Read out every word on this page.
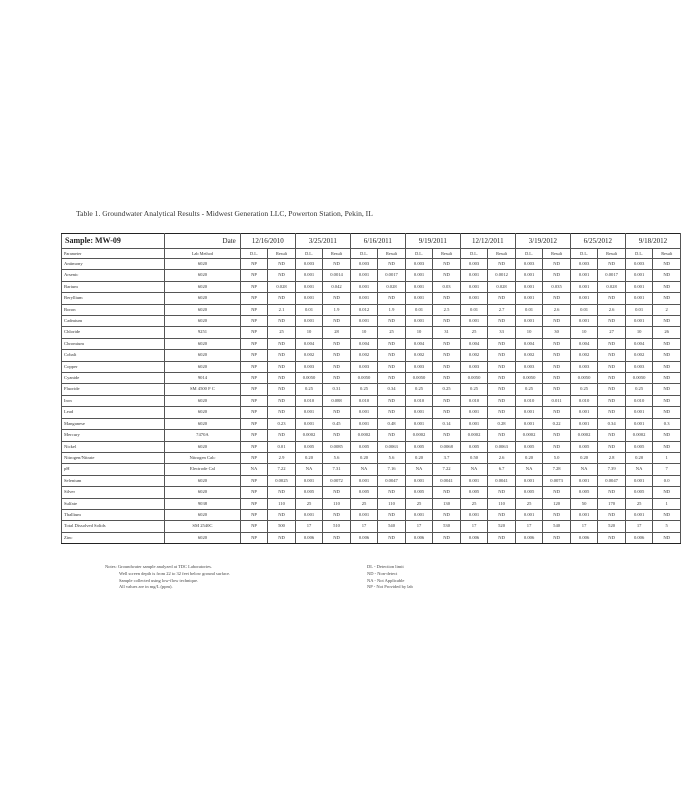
Table 1. Groundwater Analytical Results - Midwest Generation LLC, Powerton Station, Pekin, IL
Sample: MW-09	Date	12/16/2010		3/25/2011		6/16/2011		9/19/2011		12/12/2011		3/19/2012		6/25/2012		9/18/2012	
Parameter	Lab Method	D.L.	Result	D.L.	Result	D.L.	Result	D.L.	Result	D.L.	Result	D.L.	Result	D.L.	Result	D.L.	Result
Antimony	6020	NP	ND	0.003	ND	0.003	ND	0.003	ND	0.003	ND	0.003	ND	0.003	ND	0.003	ND
Arsenic	6020	NP	ND	0.001	0.0014	0.001	0.0017	0.001	ND	0.001	0.0012	0.001	ND	0.001	0.0017	0.001	ND
Barium	6020	NP	0.028	0.001	0.042	0.001	0.028	0.001	0.03	0.001	0.028	0.001	0.035	0.001	0.028	0.001	ND
Beryllium	6020	NP	ND	0.001	ND	0.001	ND	0.001	ND	0.001	ND	0.001	ND	0.001	ND	0.001	ND
Boron	6020	NP	2.1	0.01	1.9	0.012	1.9	0.01	2.5	0.01	2.7	0.01	2.6	0.01	2.6	0.01	2
Cadmium	6020	NP	ND	0.001	ND	0.001	ND	0.001	ND	0.001	ND	0.001	ND	0.001	ND	0.001	ND
Chloride	9251	NP	25	10	28	10	25	10	31	25	33	10	30	10	27	10	26
Chromium	6020	NP	ND	0.004	ND	0.004	ND	0.004	ND	0.004	ND	0.004	ND	0.004	ND	0.004	ND
Cobalt	6020	NP	ND	0.002	ND	0.002	ND	0.002	ND	0.002	ND	0.002	ND	0.002	ND	0.002	ND
Copper	6020	NP	ND	0.003	ND	0.003	ND	0.003	ND	0.003	ND	0.003	ND	0.003	ND	0.003	ND
Cyanide	9014	NP	ND	0.0050	ND	0.0050	ND	0.0050	ND	0.0050	ND	0.0050	ND	0.0050	ND	0.0050	ND
Fluoride	SM 4500 F C	NP	ND	0.25	0.31	0.25	0.34	0.25	0.25	0.25	ND	0.25	ND	0.25	ND	0.25	ND
Iron	6020	NP	ND	0.010	0.088	0.010	ND	0.010	ND	0.010	ND	0.010	0.011	0.010	ND	0.010	ND
Lead	6020	NP	ND	0.001	ND	0.001	ND	0.001	ND	0.001	ND	0.001	ND	0.001	ND	0.001	ND
Manganese	6020	NP	0.23	0.001	0.45	0.001	0.48	0.001	0.14	0.001	0.28	0.001	0.22	0.001	0.34	0.001	0.3
Mercury	7470A	NP	ND	0.0002	ND	0.0002	ND	0.0002	ND	0.0002	ND	0.0002	ND	0.0002	ND	0.0002	ND
Nickel	6020	NP	0.01	0.005	0.0085	0.005	0.0063	0.005	0.0068	0.005	0.0063	0.005	ND	0.005	ND	0.005	ND
Nitrogen/Nitrate	Nitrogen Calc	NP	2.9	0.20	5.6	0.20	5.6	0.20	3.7	0.50	2.6	0.20	5.0	0.20	2.8	0.20	1
pH	Electrode Cal	NA	7.22	NA	7.31	NA	7.16	NA	7.22	NA	6.7	NA	7.28	NA	7.39	NA	7
Selenium	6020	NP	0.0025	0.001	0.0072	0.001	0.0047	0.001	0.0041	0.001	0.0041	0.001	0.0073	0.001	0.0047	0.001	0.0
Silver	6020	NP	ND	0.005	ND	0.005	ND	0.005	ND	0.005	ND	0.005	ND	0.005	ND	0.005	ND
Sulfate	9038	NP	110	25	110	25	110	25	130	25	110	25	120	50	170	25	1
Thallium	6020	NP	ND	0.001	ND	0.001	ND	0.001	ND	0.001	ND	0.001	ND	0.001	ND	0.001	ND
Total Dissolved Solids	SM 2540C	NP	500	17	510	17	540	17	530	17	520	17	540	17	520	17	5
Zinc	6020	NP	ND	0.006	ND	0.006	ND	0.006	ND	0.006	ND	0.006	ND	0.006	ND	0.006	ND
Notes: Groundwater sample analyzed at TDC Laboratories.
Well screen depth is from 22 to 32 feet below ground surface.
Sample collected using low-flow technique.
All values are in mg/L (ppm).
DL - Detection limit
ND - Non-detect
NA - Not Applicable
NP - Not Provided by lab
